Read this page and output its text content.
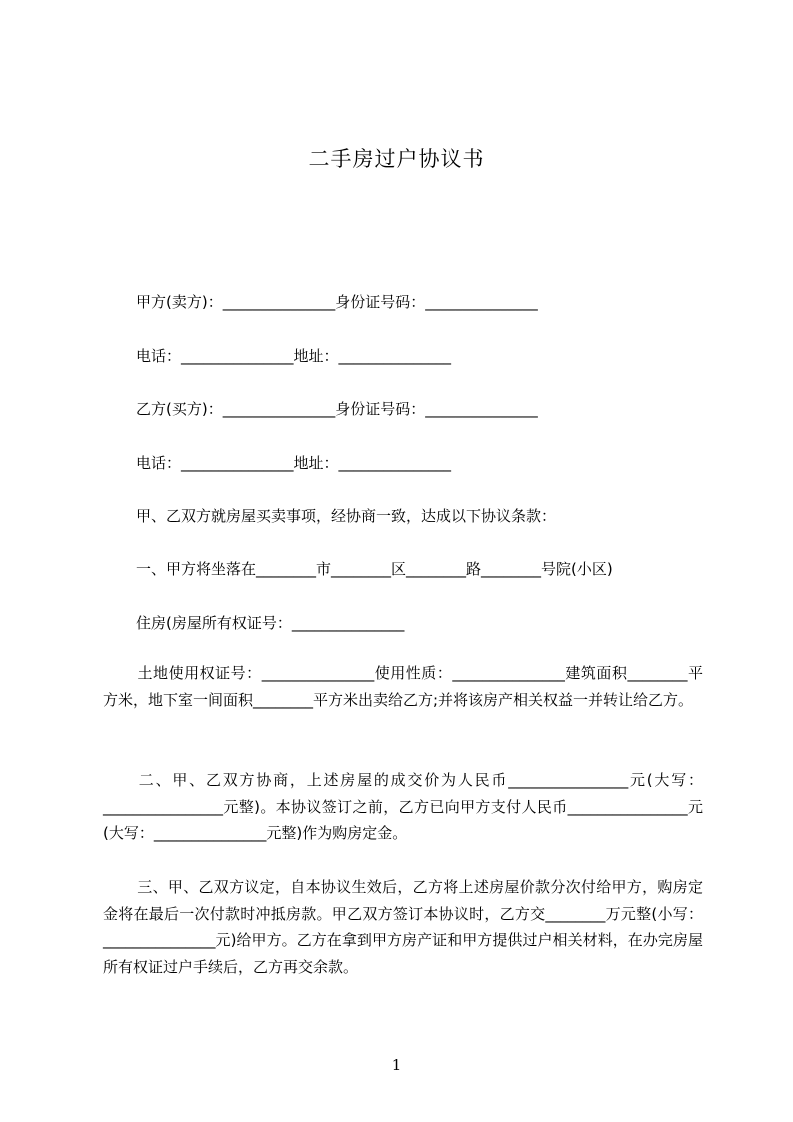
二手房过户协议书
甲方(卖方)：_______________身份证号码：_______________
电话：_______________地址：_______________
乙方(买方)：_______________身份证号码：_______________
电话：_______________地址：_______________
甲、乙双方就房屋买卖事项，经协商一致，达成以下协议条款：
一、甲方将坐落在________市________区________路________号院(小区)
住房(房屋所有权证号：_______________
土地使用权证号：_______________使用性质：_______________建筑面积________平方米，地下室一间面积________平方米出卖给乙方;并将该房产相关权益一并转让给乙方。
二、甲、乙双方协商，上述房屋的成交价为人民币________________元(大写：________________元整)。本协议签订之前，乙方已向甲方支付人民币________________元(大写：_______________元整)作为购房定金。
三、甲、乙双方议定，自本协议生效后，乙方将上述房屋价款分次付给甲方，购房定金将在最后一次付款时冲抵房款。甲乙双方签订本协议时，乙方交________万元整(小写：_______________元)给甲方。乙方在拿到甲方房产证和甲方提供过户相关材料，在办完房屋所有权证过户手续后，乙方再交余款。
1
